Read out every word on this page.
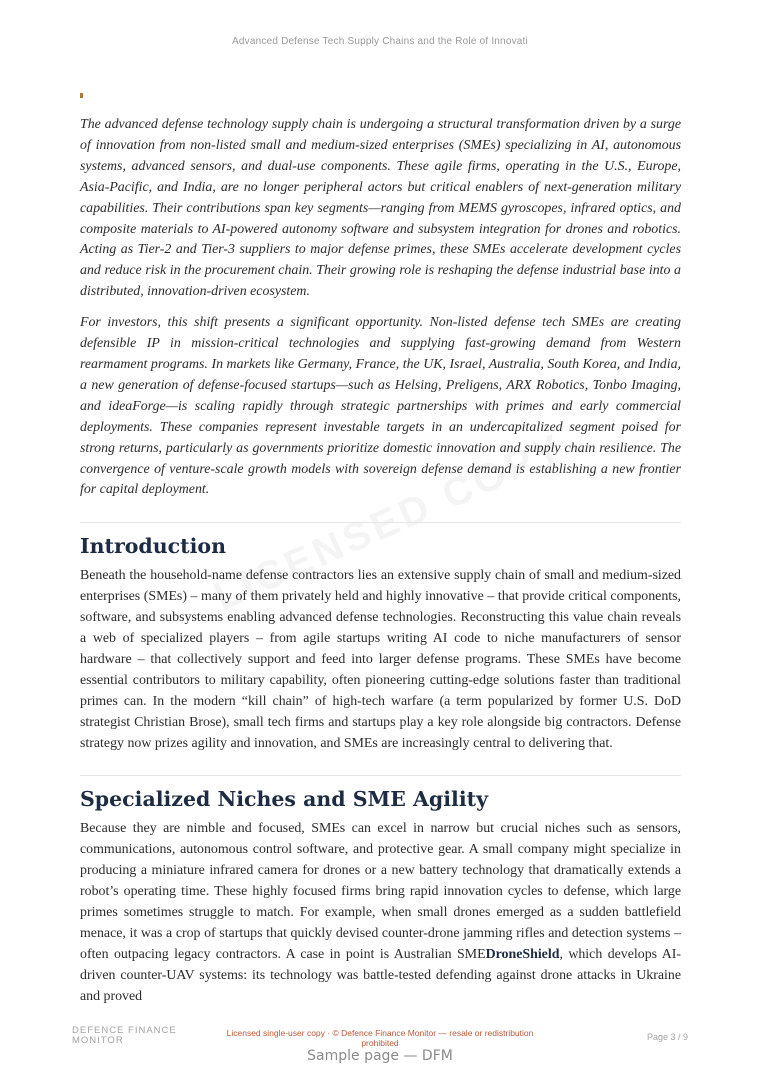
Advanced Defense Tech Supply Chains and the Role of Innovati

The advanced defense technology supply chain is undergoing a structural transformation driven by a surge of innovation from non-listed small and medium-sized enterprises (SMEs) specializing in AI, autonomous systems, advanced sensors, and dual-use components. These agile firms, operating in the U.S., Europe, Asia-Pacific, and India, are no longer peripheral actors but critical enablers of next-generation military capabilities. Their contributions span key segments—ranging from MEMS gyroscopes, infrared optics, and composite materials to AI-powered autonomy software and subsystem integration for drones and robotics. Acting as Tier-2 and Tier-3 suppliers to major defense primes, these SMEs accelerate development cycles and reduce risk in the procurement chain. Their growing role is reshaping the defense industrial base into a distributed, innovation-driven ecosystem.

For investors, this shift presents a significant opportunity. Non-listed defense tech SMEs are creating defensible IP in mission-critical technologies and supplying fast-growing demand from Western rearmament programs. In markets like Germany, France, the UK, Israel, Australia, South Korea, and India, a new generation of defense-focused startups—such as Helsing, Preligens, ARX Robotics, Tonbo Imaging, and ideaForge—is scaling rapidly through strategic partnerships with primes and early commercial deployments. These companies represent investable targets in an undercapitalized segment poised for strong returns, particularly as governments prioritize domestic innovation and supply chain resilience. The convergence of venture-scale growth models with sovereign defense demand is establishing a new frontier for capital deployment.

Introduction

Beneath the household-name defense contractors lies an extensive supply chain of small and medium-sized enterprises (SMEs) – many of them privately held and highly innovative – that provide critical components, software, and subsystems enabling advanced defense technologies. Reconstructing this value chain reveals a web of specialized players – from agile startups writing AI code to niche manufacturers of sensor hardware – that collectively support and feed into larger defense programs. These SMEs have become essential contributors to military capability, often pioneering cutting-edge solutions faster than traditional primes can. In the modern “kill chain” of high-tech warfare (a term popularized by former U.S. DoD strategist Christian Brose), small tech firms and startups play a key role alongside big contractors. Defense strategy now prizes agility and innovation, and SMEs are increasingly central to delivering that.

Specialized Niches and SME Agility

Because they are nimble and focused, SMEs can excel in narrow but crucial niches such as sensors, communications, autonomous control software, and protective gear. A small company might specialize in producing a miniature infrared camera for drones or a new battery technology that dramatically extends a robot’s operating time. These highly focused firms bring rapid innovation cycles to defense, which large primes sometimes struggle to match. For example, when small drones emerged as a sudden battlefield menace, it was a crop of startups that quickly devised counter-drone jamming rifles and detection systems – often outpacing legacy contractors. A case in point is Australian SMEDroneShield, which develops AI-driven counter-UAV systems: its technology was battle-tested defending against drone attacks in Ukraine and proved

DEFENCE FINANCE MONITOR
Licensed single-user copy · © Defence Finance Monitor — resale or redistribution prohibited
Page 3 / 9
Sample page — DFM
